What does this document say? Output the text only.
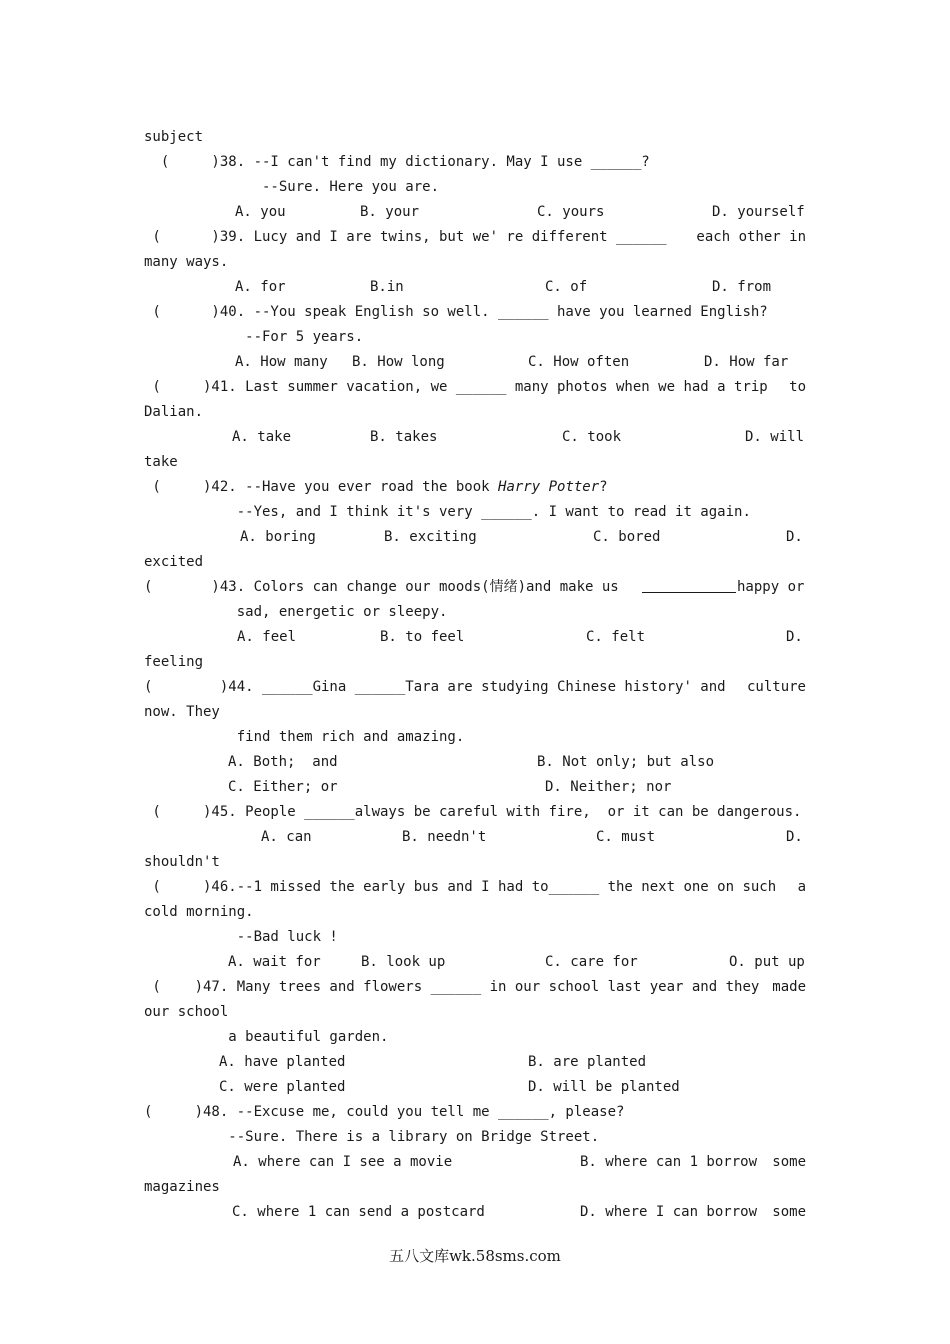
subject
(     )38. --I can't find my dictionary. May I use ______?
--Sure. Here you are.
A. you	B. your	C. yours	D. yourself
(      )39. Lucy and I are twins, but we' re different ______ each other in
many ways.
A. for	B.in	C. of	D. from
(      )40. --You speak English so well. ______ have you learned English?
--For 5 years.
A. How many B. How long	C. How often	D. How far
(     )41. Last summer vacation, we ______ many photos when we had a trip to
Dalian.
A. take	B. takes	C. took	D. will
take
(     )42. --Have you ever road the book Harry Potter?
--Yes, and I think it's very ______. I want to read it again.
A. boring	B. exciting	C. bored	D.
excited
(       )43. Colors can change our moods(情绪)and make us	happy or
sad, energetic or sleepy.
A. feel	B. to feel	C. felt	D.
feeling
(        )44. ______Gina ______Tara are studying Chinese history' and culture
now. They
find them rich and amazing.
A. Both;  and	B. Not only; but also
C. Either; or	D. Neither; nor
(     )45. People ______always be careful with fire,  or it can be dangerous.
A. can	B. needn't	C. must	D.
shouldn't
(     )46.--1 missed the early bus and I had to______ the next one on such a
cold morning.
--Bad luck !
A. wait for	B. look up	C. care for	O. put up
(    )47. Many trees and flowers ______ in our school last year and they made
our school
a beautiful garden.
A. have planted	B. are planted
C. were planted	D. will be planted
(     )48. --Excuse me, could you tell me ______, please?
--Sure. There is a library on Bridge Street.
A. where can I see a movie	B. where can 1 borrow some
magazines
C. where 1 can send a postcard	D. where I can borrow some
五八文库wk.58sms.com
